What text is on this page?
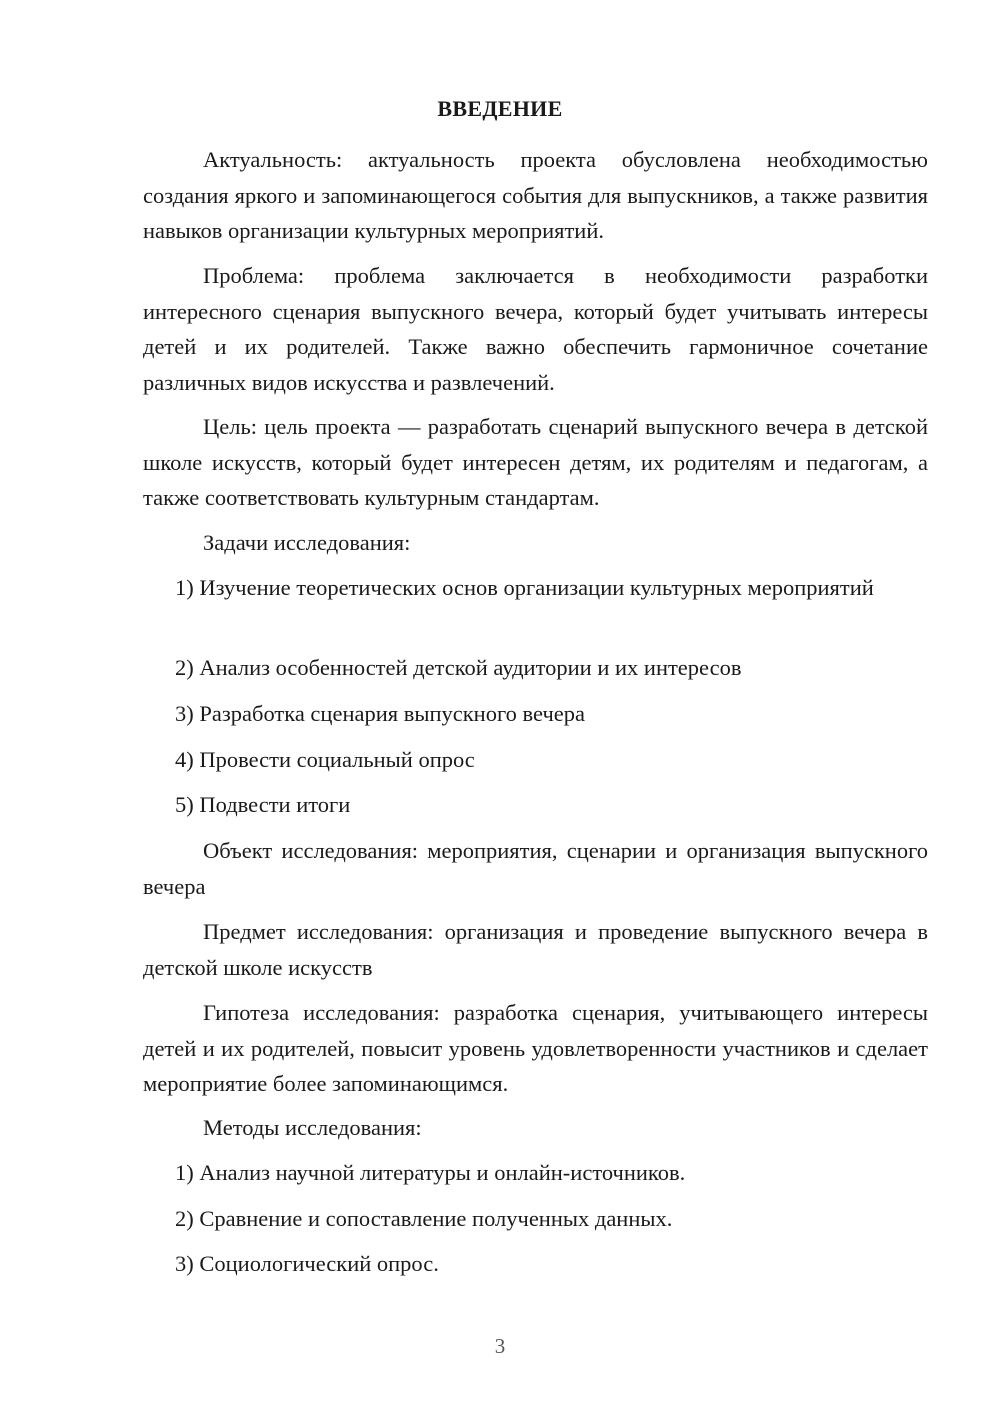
ВВЕДЕНИЕ

Актуальность: актуальность проекта обусловлена необходимостью создания яркого и запоминающегося события для выпускников, а также развития навыков организации культурных мероприятий.

Проблема: проблема заключается в необходимости разработки интересного сценария выпускного вечера, который будет учитывать интересы детей и их родителей. Также важно обеспечить гармоничное сочетание различных видов искусства и развлечений.

Цель: цель проекта — разработать сценарий выпускного вечера в детской школе искусств, который будет интересен детям, их родителям и педагогам, а также соответствовать культурным стандартам.

Задачи исследования:

1) Изучение теоретических основ организации культурных мероприятий

2) Анализ особенностей детской аудитории и их интересов

3) Разработка сценария выпускного вечера

4) Провести социальный опрос

5) Подвести итоги

Объект исследования: мероприятия, сценарии и организация выпускного вечера

Предмет исследования: организация и проведение выпускного вечера в детской школе искусств

Гипотеза исследования: разработка сценария, учитывающего интересы детей и их родителей, повысит уровень удовлетворенности участников и сделает мероприятие более запоминающимся.

Методы исследования:

1) Анализ научной литературы и онлайн-источников.

2) Сравнение и сопоставление полученных данных.

3) Социологический опрос.

3
